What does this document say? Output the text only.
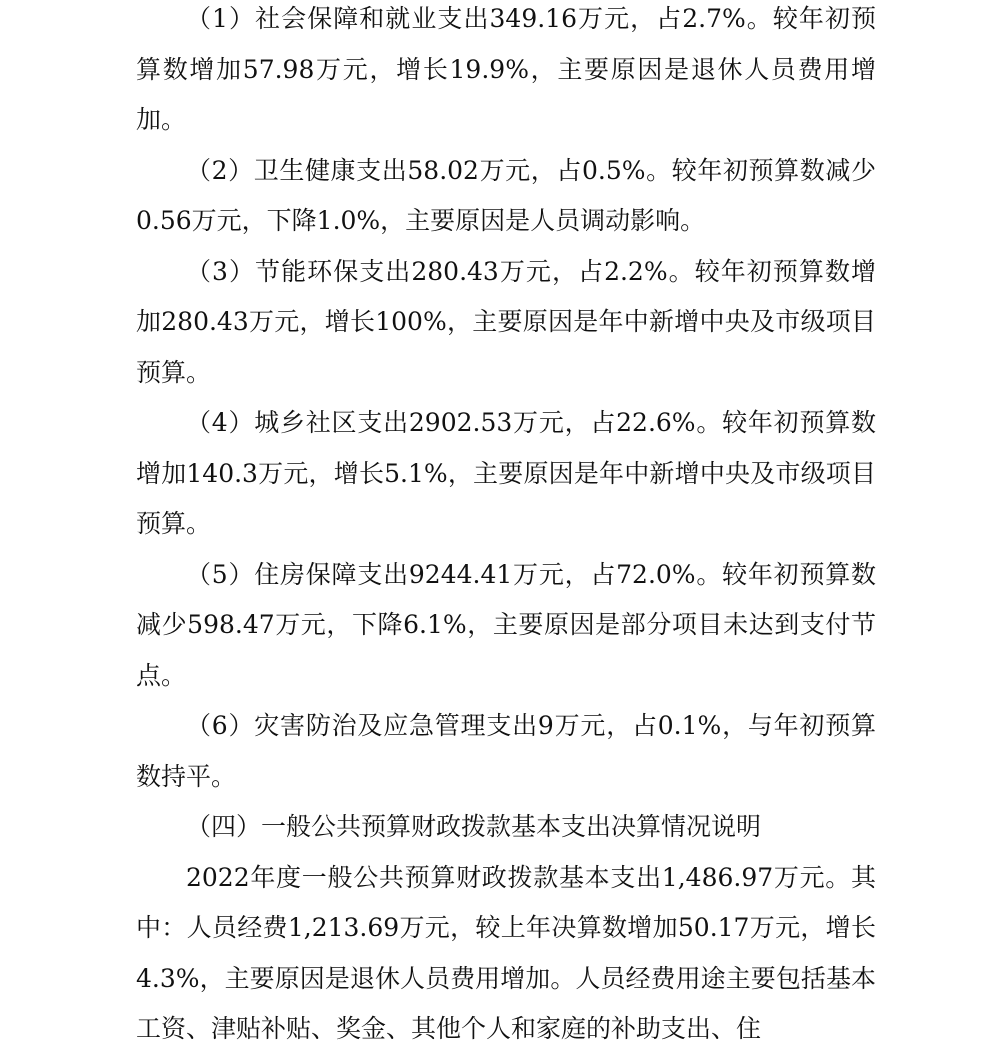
（1）社会保障和就业支出349.16万元，占2.7%。较年初预算数增加57.98万元，增长19.9%，主要原因是退休人员费用增加。

（2）卫生健康支出58.02万元，占0.5%。较年初预算数减少0.56万元，下降1.0%，主要原因是人员调动影响。

（3）节能环保支出280.43万元，占2.2%。较年初预算数增加280.43万元，增长100%，主要原因是年中新增中央及市级项目预算。

（4）城乡社区支出2902.53万元，占22.6%。较年初预算数增加140.3万元，增长5.1%，主要原因是年中新增中央及市级项目预算。

（5）住房保障支出9244.41万元，占72.0%。较年初预算数减少598.47万元，下降6.1%，主要原因是部分项目未达到支付节点。

（6）灾害防治及应急管理支出9万元，占0.1%，与年初预算数持平。

（四）一般公共预算财政拨款基本支出决算情况说明

2022年度一般公共预算财政拨款基本支出1,486.97万元。其中：人员经费1,213.69万元，较上年决算数增加50.17万元，增长4.3%，主要原因是退休人员费用增加。人员经费用途主要包括基本工资、津贴补贴、奖金、其他个人和家庭的补助支出、住
